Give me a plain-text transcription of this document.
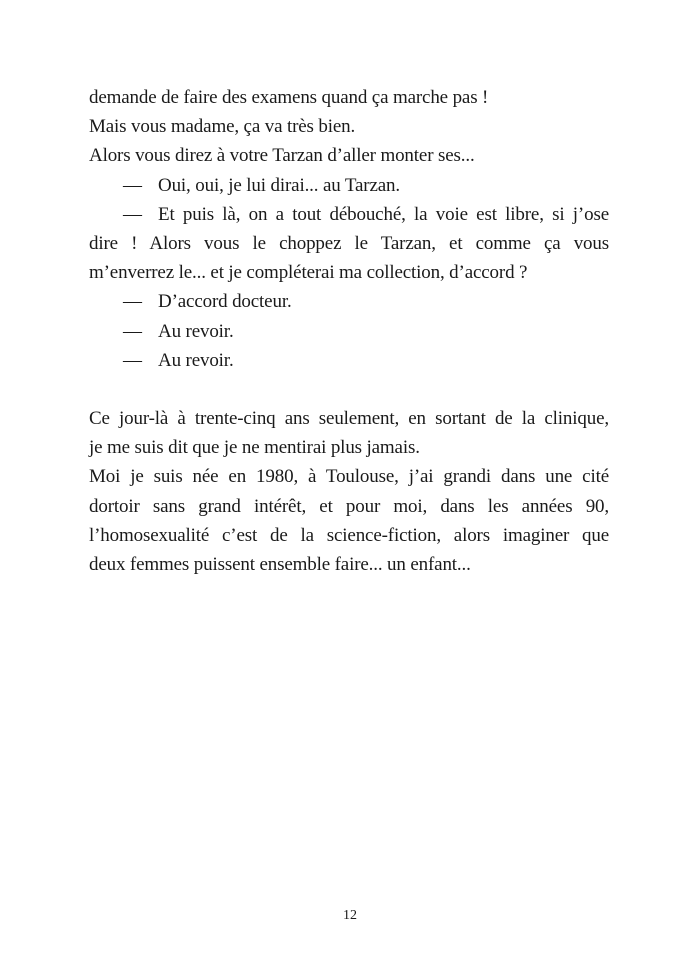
demande de faire des examens quand ça marche pas !
Mais vous madame, ça va très bien.
Alors vous direz à votre Tarzan d’aller monter ses...
— Oui, oui, je lui dirai... au Tarzan.
— Et puis là, on a tout débouché, la voie est libre, si j’ose
dire ! Alors vous le choppez le Tarzan, et comme ça vous
m’enverrez le... et je compléterai ma collection, d’accord ?
— D’accord docteur.
— Au revoir.
— Au revoir.
Ce jour-là à trente-cinq ans seulement, en sortant de la clinique,
je me suis dit que je ne mentirai plus jamais.
Moi je suis née en 1980, à Toulouse, j’ai grandi dans une cité
dortoir sans grand intérêt, et pour moi, dans les années 90,
l’homosexualité c’est de la science-fiction, alors imaginer que
deux femmes puissent ensemble faire... un enfant...
12
